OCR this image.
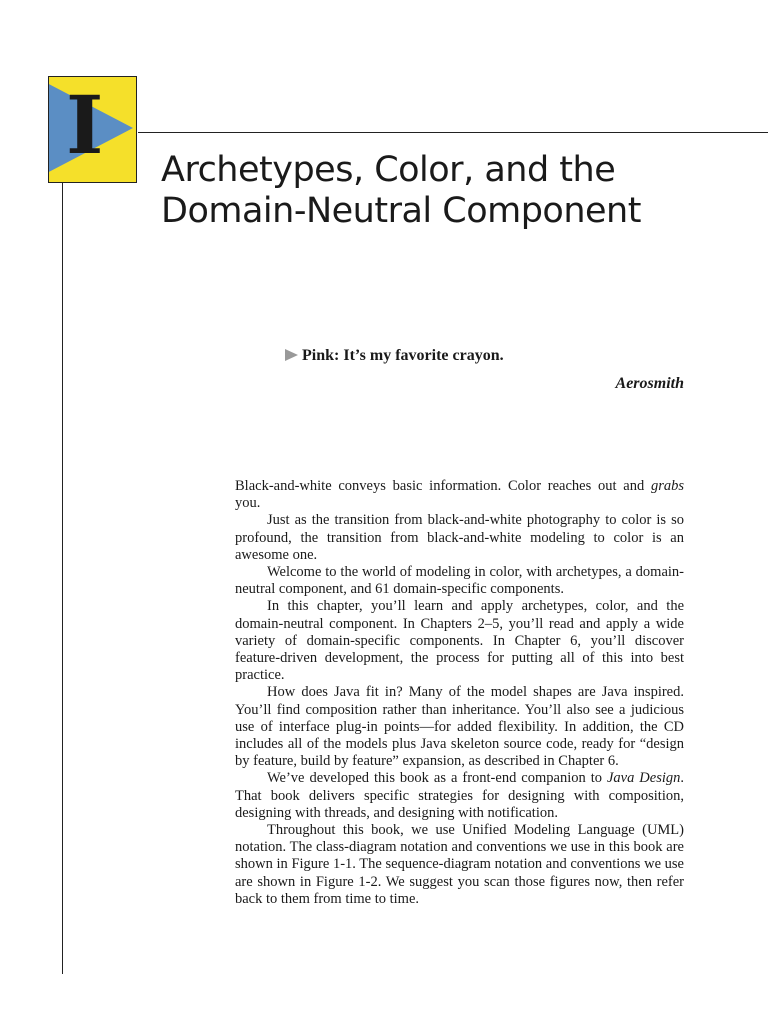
I Archetypes, Color, and the
Domain-Neutral Component
Pink: It’s my favorite crayon.
Aerosmith

Black-and-white conveys basic information. Color reaches out and grabs you.

Just as the transition from black-and-white photography to color is so profound, the transition from black-and-white modeling to color is an awesome one.

Welcome to the world of modeling in color, with archetypes, a domain-neutral component, and 61 domain-specific components.

In this chapter, you’ll learn and apply archetypes, color, and the domain-neutral component. In Chapters 2–5, you’ll read and apply a wide variety of domain-specific components. In Chapter 6, you’ll discover feature-driven development, the process for putting all of this into best practice.

How does Java fit in? Many of the model shapes are Java inspired. You’ll find composition rather than inheritance. You’ll also see a judicious use of interface plug-in points—for added flexibility. In addition, the CD includes all of the models plus Java skeleton source code, ready for “design by feature, build by feature” expansion, as described in Chapter 6.

We’ve developed this book as a front-end companion to Java Design. That book delivers specific strategies for designing with composition, designing with threads, and designing with notification.

Throughout this book, we use Unified Modeling Language (UML) notation. The class-diagram notation and conventions we use in this book are shown in Figure 1-1. The sequence-diagram notation and conventions we use are shown in Figure 1-2. We suggest you scan those figures now, then refer back to them from time to time.
